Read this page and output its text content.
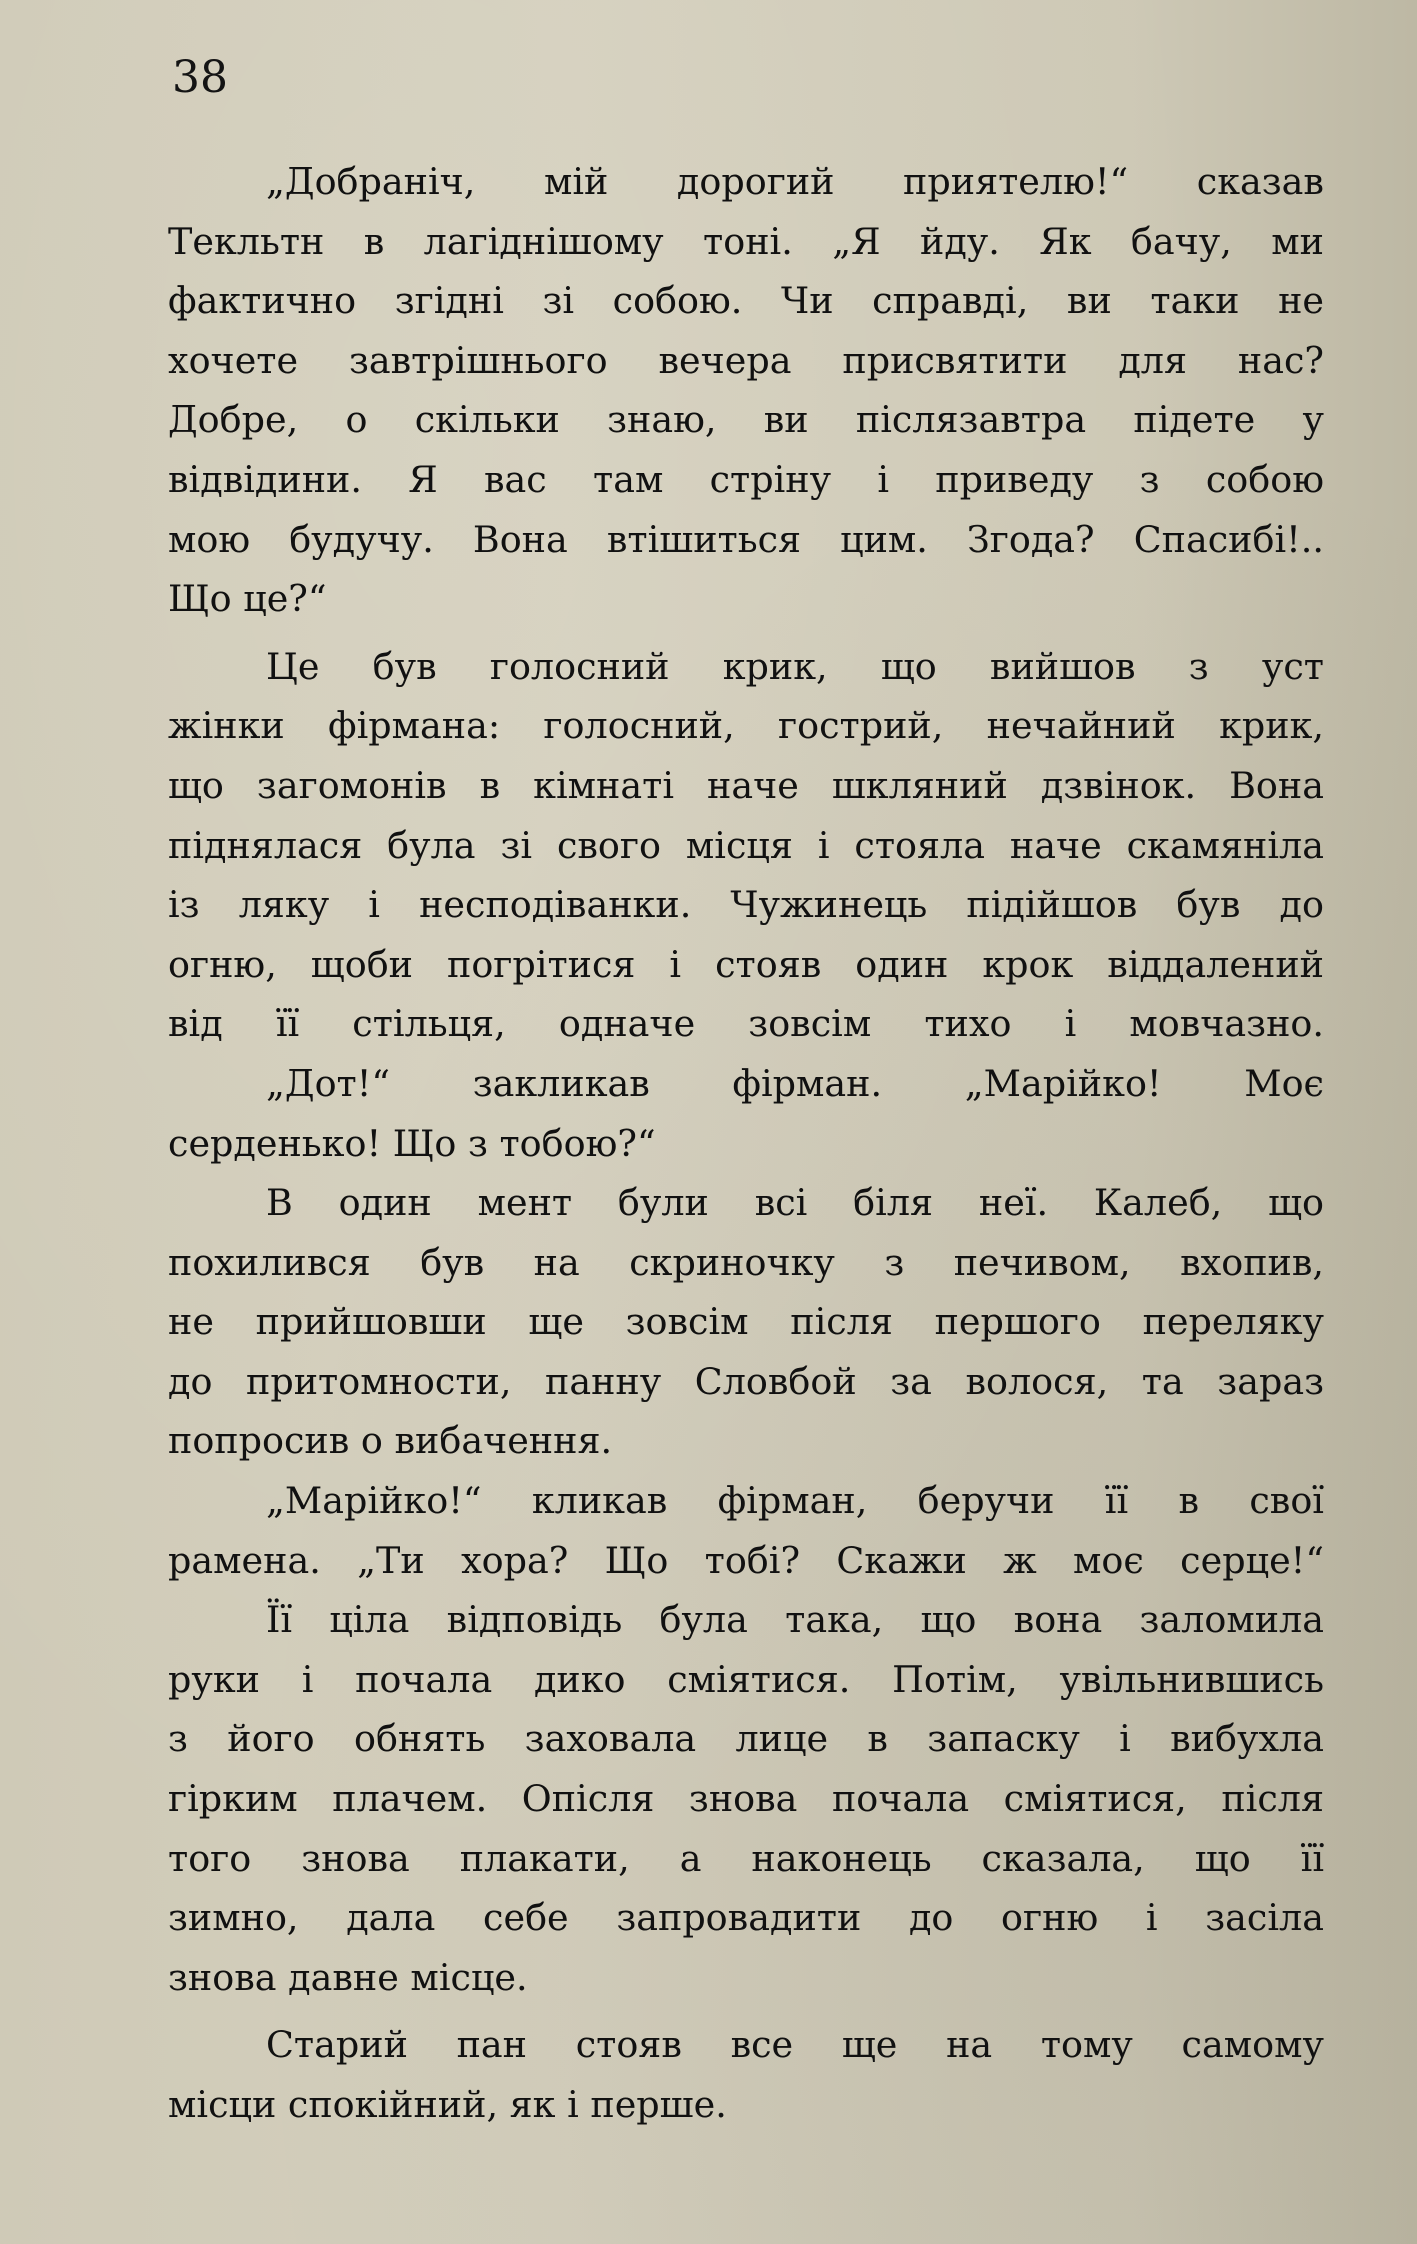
38
„Добраніч, мій дорогий приятелю!“ сказав
Текльтн в лагіднішому тоні. „Я йду. Як бачу, ми
фактично згідні зі собою. Чи справді, ви таки не
хочете завтрішнього вечера присвятити для нас?
Добре, о скільки знаю, ви післязавтра підете у
відвідини. Я вас там стріну і приведу з собою
мою будучу. Вона втішиться цим. Згода? Спасибі!..
Що це?“
Це був голосний крик, що вийшов з уст
жінки фірмана: голосний, гострий, нечайний крик,
що загомонів в кімнаті наче шкляний дзвінок. Вона
піднялася була зі свого місця і стояла наче скамяніла
із ляку і несподіванки. Чужинець підійшов був до
огню, щоби погрітися і стояв один крок віддалений
від її стільця, одначе зовсім тихо і мовчазно.
„Дот!“ закликав фірман. „Марійко! Моє
серденько! Що з тобою?“
В один мент були всі біля неї. Калеб, що
похилився був на скриночку з печивом, вхопив,
не прийшовши ще зовсім після першого переляку
до притомности, панну Словбой за волося, та зараз
попросив о вибачення.
„Марійко!“ кликав фірман, беручи її в свої
рамена. „Ти хора? Що тобі? Скажи ж моє серце!“
Її ціла відповідь була така, що вона заломила
руки і почала дико сміятися. Потім, увільнившись
з його обнять заховала лице в запаску і вибухла
гірким плачем. Опісля знова почала сміятися, після
того знова плакати, а наконець сказала, що її
зимно, дала себе запровадити до огню і засіла
знова давне місце.
Старий пан стояв все ще на тому самому
місци спокійний, як і перше.
